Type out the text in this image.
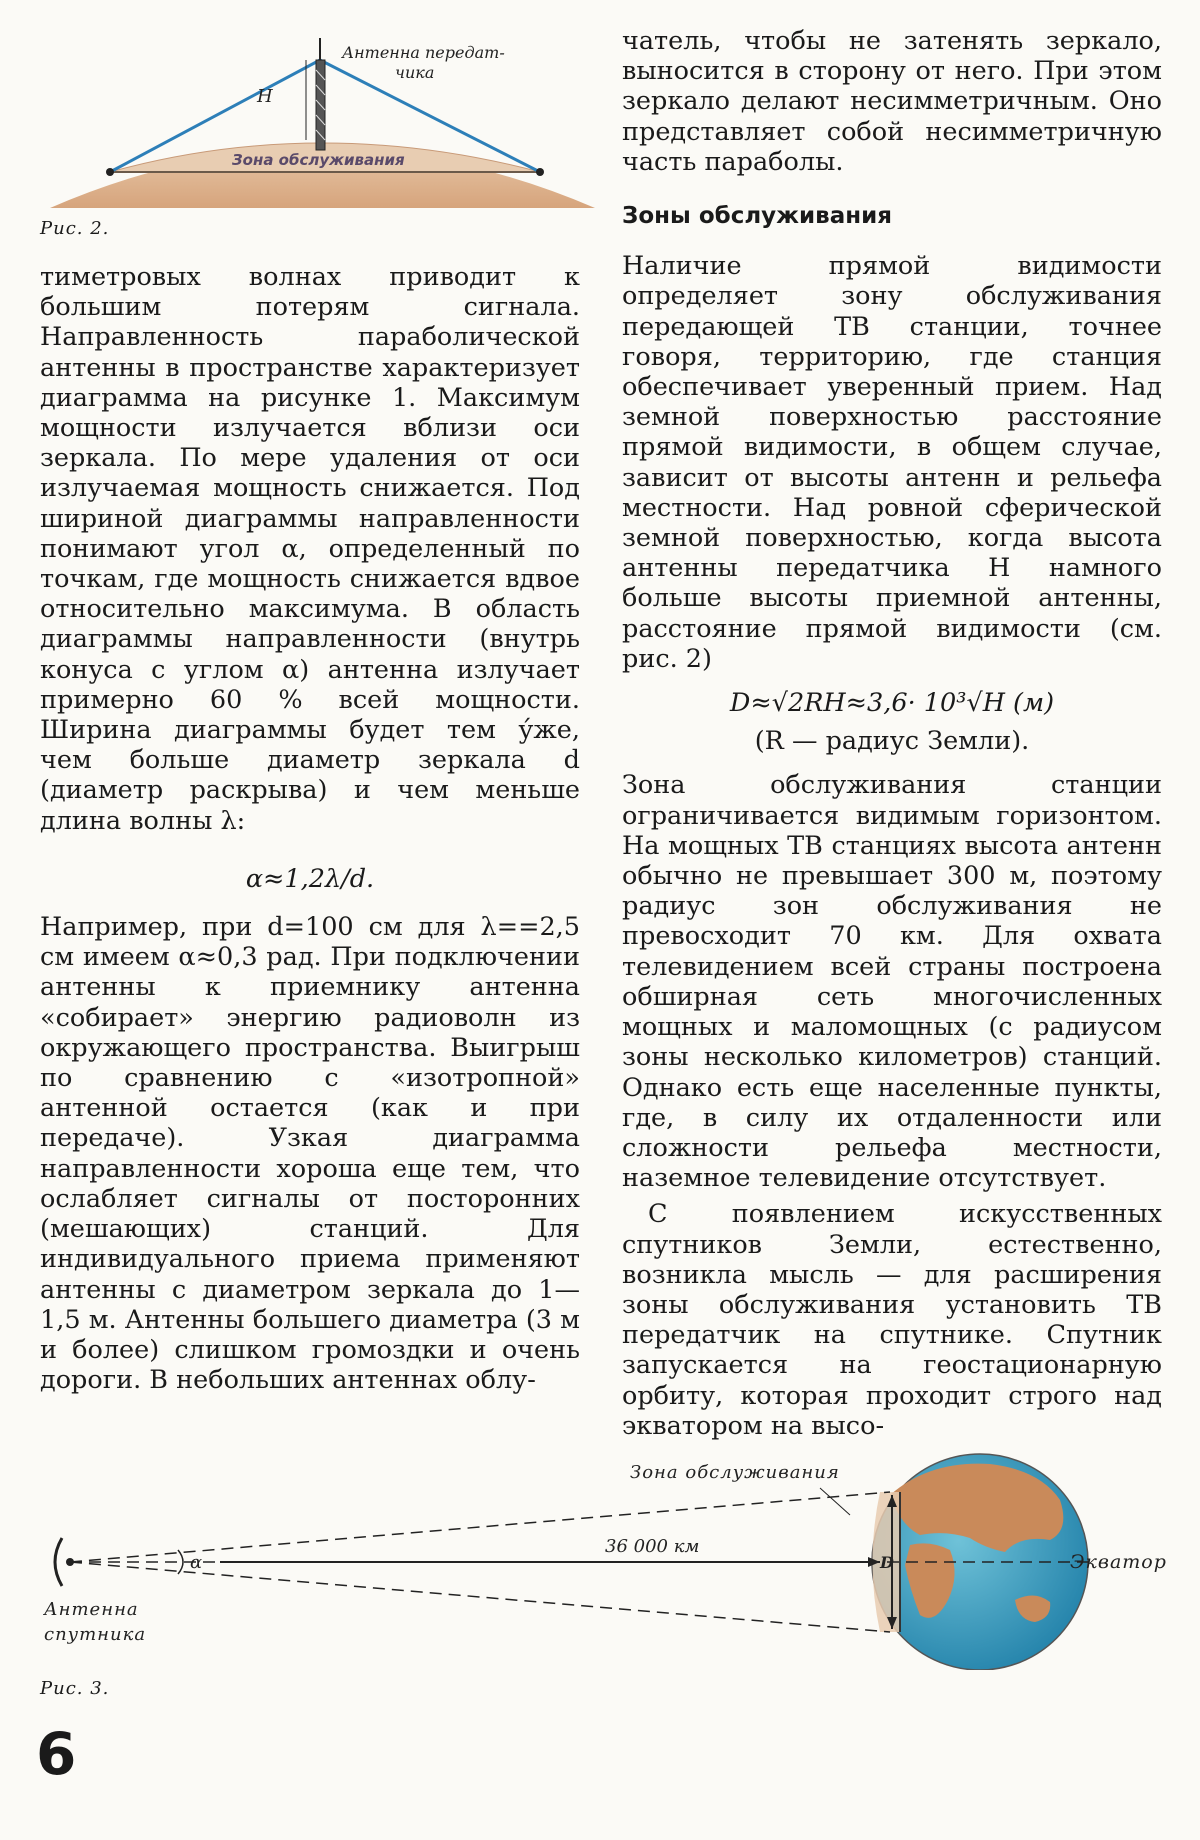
H
Антенна передат-
чика
Зона обслуживания
Рис. 2.

тиметровых волнах приводит к большим потерям сигнала. Направленность параболической антенны в пространстве характеризует диаграмма на рисунке 1. Максимум мощности излучается вблизи оси зеркала. По мере удаления от оси излучаемая мощность снижается. Под шириной диаграммы направленности понимают угол α, определенный по точкам, где мощность снижается вдвое относительно максимума. В область диаграммы направленности (внутрь конуса с углом α) антенна излучает примерно 60 % всей мощности. Ширина диаграммы будет тем у́же, чем больше диаметр зеркала d (диаметр раскрыва) и чем меньше длина волны λ:

α≈1,2λ/d.

Например, при d=100 см для λ==2,5 см имеем α≈0,3 рад. При подключении антенны к приемнику антенна «собирает» энергию радиоволн из окружающего пространства. Выигрыш по сравнению с «изотропной» антенной остается (как и при передаче). Узкая диаграмма направленности хороша еще тем, что ослабляет сигналы от посторонних (мешающих) станций. Для индивидуального приема применяют антенны с диаметром зеркала до 1—1,5 м. Антенны большего диаметра (3 м и более) слишком громоздки и очень дороги. В небольших антеннах облу-

чатель, чтобы не затенять зеркало, выносится в сторону от него. При этом зеркало делают несимметричным. Оно представляет собой несимметричную часть параболы.

Зоны обслуживания

Наличие прямой видимости определяет зону обслуживания передающей ТВ станции, точнее говоря, территорию, где станция обеспечивает уверенный прием. Над земной поверхностью расстояние прямой видимости, в общем случае, зависит от высоты антенн и рельефа местности. Над ровной сферической земной поверхностью, когда высота антенны передатчика H намного больше высоты приемной антенны, расстояние прямой видимости (см. рис. 2)

D≈√2RH≈3,6· 10³√H (м)

(R — радиус Земли).

Зона обслуживания станции ограничивается видимым горизонтом. На мощных ТВ станциях высота антенн обычно не превышает 300 м, поэтому радиус зон обслуживания не превосходит 70 км. Для охвата телевидением всей страны построена обширная сеть многочисленных мощных и маломощных (с радиусом зоны несколько километров) станций. Однако есть еще населенные пункты, где, в силу их отдаленности или сложности рельефа местности, наземное телевидение отсутствует.

С появлением искусственных спутников Земли, естественно, возникла мысль — для расширения зоны обслуживания установить ТВ передатчик на спутнике. Спутник запускается на геостационарную орбиту, которая проходит строго над экватором на высо-

Зона обслуживания
36 000 км
α	D	Экватор
Антенна
спутника
Рис. 3.
6
